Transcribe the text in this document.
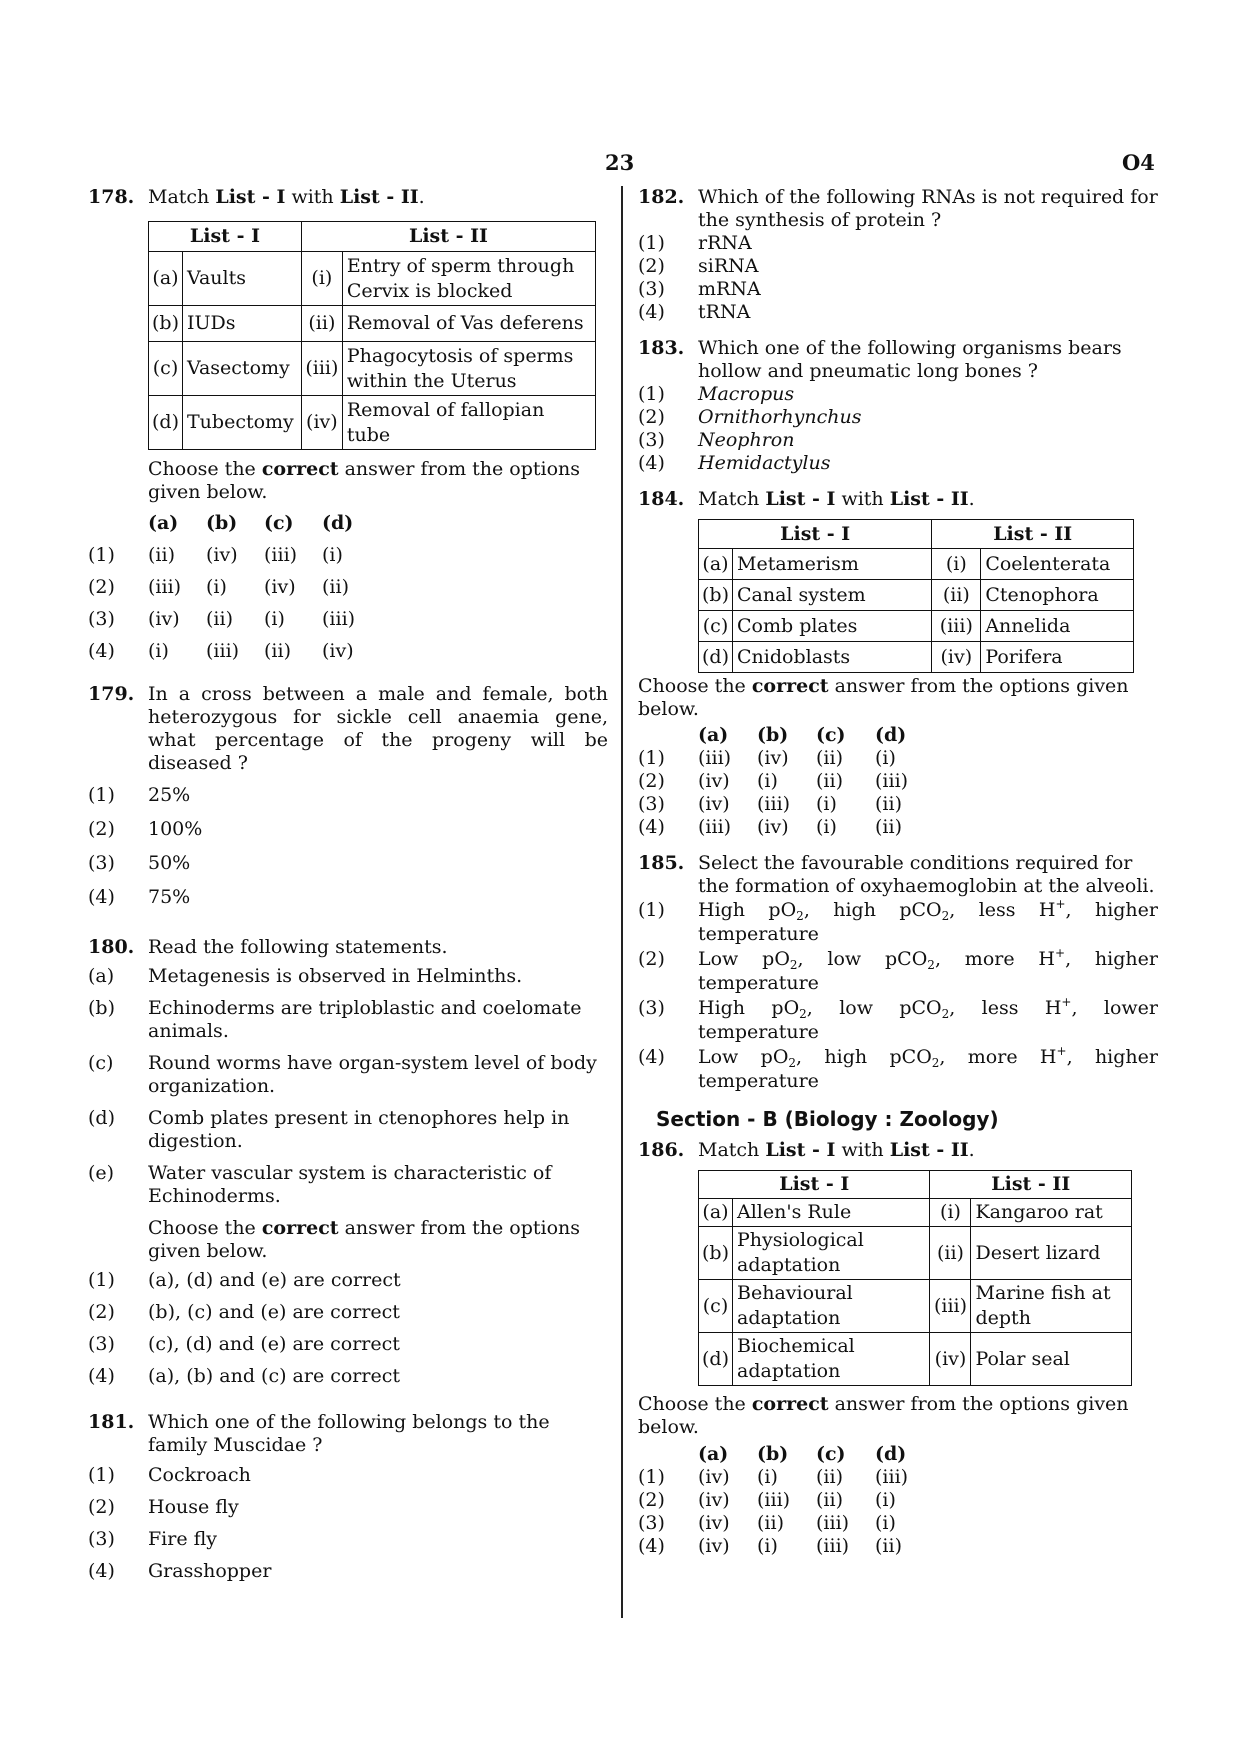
23	O4
178. Match List - I with List - II.
List - I		List - II	
(a)	Vaults	(i)	Entry of sperm through Cervix is blocked
(b)	IUDs	(ii)	Removal of Vas deferens
(c)	Vasectomy	(iii)	Phagocytosis of sperms within the Uterus
(d)	Tubectomy	(iv)	Removal of fallopian tube
Choose the correct answer from the options given below.
(a)	(b)	(c)	(d)
(1)	(ii)	(iv)	(iii)	(i)
(2)	(iii)	(i)	(iv)	(ii)
(3)	(iv)	(ii)	(i)	(iii)
(4)	(i)	(iii)	(ii)	(iv)
179. In a cross between a male and female, both heterozygous for sickle cell anaemia gene, what percentage of the progeny will be diseased ?
(1) 25%
(2) 100%
(3) 50%
(4) 75%
180. Read the following statements.
(a) Metagenesis is observed in Helminths.
(b) Echinoderms are triploblastic and coelomate animals.
(c) Round worms have organ-system level of body organization.
(d) Comb plates present in ctenophores help in digestion.
(e) Water vascular system is characteristic of Echinoderms.
Choose the correct answer from the options given below.
(1) (a), (d) and (e) are correct
(2) (b), (c) and (e) are correct
(3) (c), (d) and (e) are correct
(4) (a), (b) and (c) are correct
181. Which one of the following belongs to the family Muscidae ?
(1) Cockroach
(2) House fly
(3) Fire fly
(4) Grasshopper
182. Which of the following RNAs is not required for the synthesis of protein ?
(1) rRNA
(2) siRNA
(3) mRNA
(4) tRNA
183. Which one of the following organisms bears hollow and pneumatic long bones ?
(1) Macropus
(2) Ornithorhynchus
(3) Neophron
(4) Hemidactylus
184. Match List - I with List - II.
List - I		List - II	
(a)	Metamerism	(i)	Coelenterata
(b)	Canal system	(ii)	Ctenophora
(c)	Comb plates	(iii)	Annelida
(d)	Cnidoblasts	(iv)	Porifera
Choose the correct answer from the options given below.
(a)	(b)	(c)	(d)
(1)	(iii)	(iv)	(ii)	(i)
(2)	(iv)	(i)	(ii)	(iii)
(3)	(iv)	(iii)	(i)	(ii)
(4)	(iii)	(iv)	(i)	(ii)
185. Select the favourable conditions required for the formation of oxyhaemoglobin at the alveoli.
(1) High $pO_2$, high pCO$_2$, less H+, higher temperature
(2) Low $pO_2$, low pCO$_2$, more H+, higher temperature
(3) High $pO_2$, low pCO$_2$, less H+, lower temperature
(4) Low $pO_2$, high pCO$_2$, more H+, higher temperature
Section - B (Biology : Zoology)
186. Match List - I with List - II.
List - I		List - II	
(a)	Allen's Rule	(i)	Kangaroo rat
(b)	Physiological adaptation	(ii)	Desert lizard
(c)	Behavioural adaptation	(iii)	Marine fish at depth
(d)	Biochemical adaptation	(iv)	Polar seal
Choose the correct answer from the options given below.
(a)	(b)	(c)	(d)
(1)	(iv)	(i)	(ii)	(iii)
(2)	(iv)	(iii)	(ii)	(i)
(3)	(iv)	(ii)	(iii)	(i)
(4)	(iv)	(i)	(iii)	(ii)
